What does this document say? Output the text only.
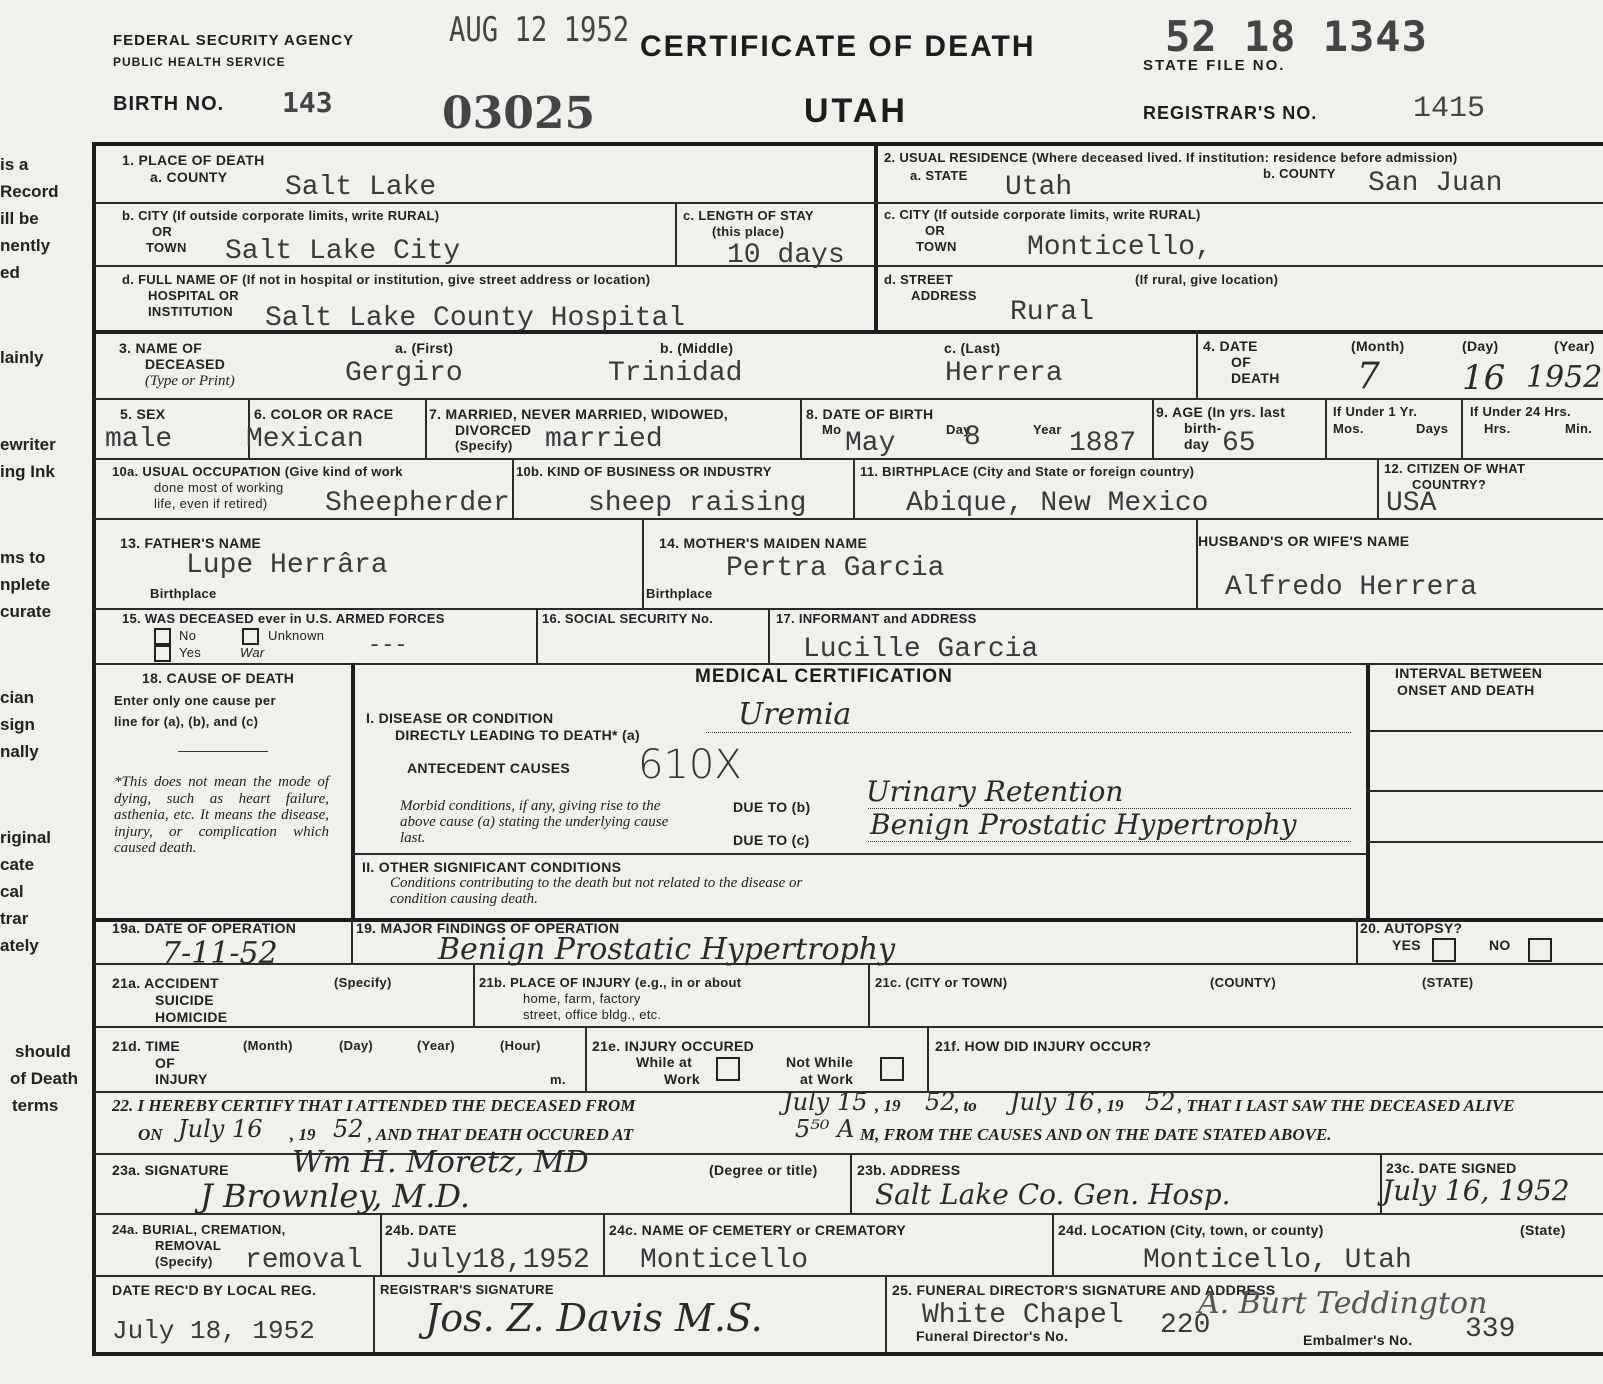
is a
Record
ill be
nently
ed
lainly
ewriter
ing Ink
ms to
nplete
curate
cian
sign
nally
riginal
cate
cal
trar
ately
should
of Death
terms
FEDERAL SECURITY AGENCY
PUBLIC HEALTH SERVICE
AUG 12 1952 CERTIFICATE OF DEATH	52 18 1343
STATE FILE NO.
BIRTH NO. 143 03025	UTAH	REGISTRAR'S NO.	1415
1. PLACE OF DEATH
a. COUNTY Salt Lake
b. CITY (If outside corporate limits, write RURAL)
OR
TOWN Salt Lake City
c. LENGTH OF STAY
(this place)
10 days
d. FULL NAME OF (If not in hospital or institution, give street address or location)
HOSPITAL OR
INSTITUTION Salt Lake County Hospital
2. USUAL RESIDENCE (Where deceased lived. If institution: residence before admission)
a. STATE Utah	b. COUNTY San Juan
c. CITY (If outside corporate limits, write RURAL)
OR
TOWN	Monticello,
d. STREET
ADDRESS
(If rural, give location)
Rural
3. NAME OF
DECEASED
(Type or Print)
a. (First)
Gergiro
b. (Middle)
Trinidad
c. (Last)
Herrera
4. DATE
OF
DEATH
(Month)	(Day)	(Year)
7 16 1952
5. SEX
male
6. COLOR OR RACE
Mexican
7. MARRIED, NEVER MARRIED, WIDOWED,
DIVORCED
(Specify) married
8. DATE OF BIRTH
Mo	Day	Year
May 8	1887
9. AGE (In yrs. last
birth-
day 65
If Under 1 Yr.
Mos.	Days
If Under 24 Hrs.
Hrs.	Min.
10a. USUAL OCCUPATION (Give kind of work
done most of working
life, even if retired) Sheepherder
10b. KIND OF BUSINESS OR INDUSTRY
sheep raising
11. BIRTHPLACE (City and State or foreign country)
Abique, New Mexico
12. CITIZEN OF WHAT
COUNTRY?
USA
13. FATHER'S NAME
Lupe Herrâra
Birthplace
14. MOTHER'S MAIDEN NAME
Pertra Garcia
Birthplace
HUSBAND'S OR WIFE'S NAME
Alfredo Herrera
15. WAS DECEASED ever in U.S. ARMED FORCES
No	Unknown
Yes	War	---
16. SOCIAL SECURITY No.	17. INFORMANT and ADDRESS
Lucille Garcia
18. CAUSE OF DEATH
Enter only one cause per
line for (a), (b), and (c)
*This does not mean the mode of dying, such as heart failure, asthenia, etc. It means the disease, injury, or complication which caused death.
MEDICAL CERTIFICATION	INTERVAL BETWEEN
ONSET AND DEATH
I. DISEASE OR CONDITION
DIRECTLY LEADING TO DEATH* (a)
Uremia
ANTECEDENT CAUSES 610X
Morbid conditions, if any, giving rise to the above cause (a) stating the underlying cause last.
DUE TO (b) Urinary Retention
DUE TO (c) Benign Prostatic Hypertrophy
II. OTHER SIGNIFICANT CONDITIONS
Conditions contributing to the death but not related to the disease or condition causing death.
19a. DATE OF OPERATION
7-11-52
19. MAJOR FINDINGS OF OPERATION
Benign Prostatic Hypertrophy
20. AUTOPSY?
YES	NO
21a. ACCIDENT
SUICIDE
HOMICIDE
(Specify)	21b. PLACE OF INJURY (e.g., in or about
home, farm, factory
street, office bldg., etc.
21c. (CITY or TOWN)	(COUNTY)	(STATE)
21d. TIME
OF
INJURY
(Month)	(Day)	(Year)	(Hour)
m.
21e. INJURY OCCURED
While at
Work
Not While
at Work
21f. HOW DID INJURY OCCUR?
22. I HEREBY CERTIFY THAT I ATTENDED THE DECEASED FROM	July 15 , 19 52 , to July 16 , 19 52 , THAT I LAST SAW THE DECEASED ALIVE
ON July 16 , 19 52 , AND THAT DEATH OCCURED AT	5⁵⁰ A M, FROM THE CAUSES AND ON THE DATE STATED ABOVE.
23a. SIGNATURE Wm H. Moretz, MD
J Brownley, M.D.
(Degree or title)	23b. ADDRESS
Salt Lake Co. Gen. Hosp.
23c. DATE SIGNED
July 16, 1952
24a. BURIAL, CREMATION,
REMOVAL
(Specify) removal
24b. DATE
July18,1952
24c. NAME OF CEMETERY or CREMATORY
Monticello
24d. LOCATION (City, town, or county)	(State)
Monticello, Utah
DATE REC'D BY LOCAL REG.
July 18, 1952
REGISTRAR'S SIGNATURE
Jos. Z. Davis M.S.
25. FUNERAL DIRECTOR'S SIGNATURE AND ADDRESS
White Chapel A. Burt Teddington
Funeral Director's No.	220	Embalmer's No. 339
